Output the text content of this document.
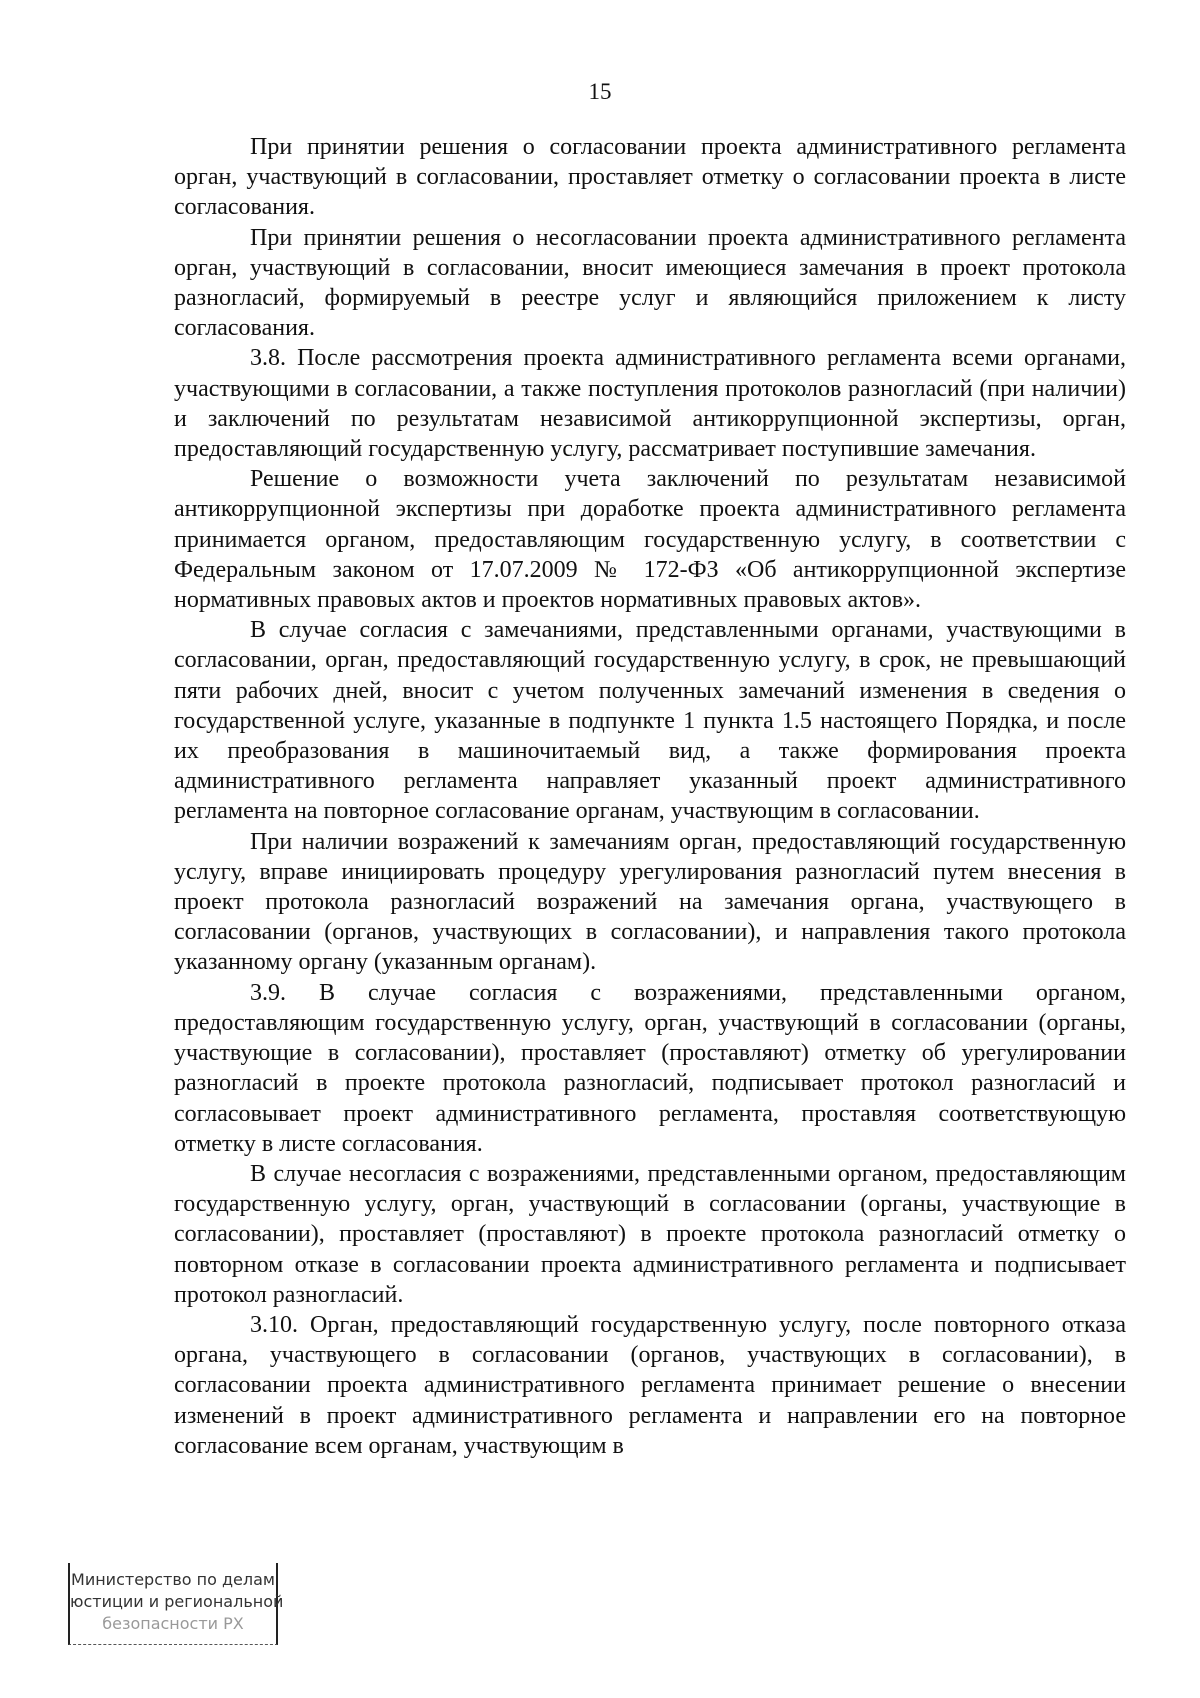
15

При принятии решения о согласовании проекта административного регламента орган, участвующий в согласовании, проставляет отметку о согласовании проекта в листе согласования.

При принятии решения о несогласовании проекта административного регламента орган, участвующий в согласовании, вносит имеющиеся замечания в проект протокола разногласий, формируемый в реестре услуг и являющийся приложением к листу согласования.

3.8. После рассмотрения проекта административного регламента всеми органами, участвующими в согласовании, а также поступления протоколов разногласий (при наличии) и заключений по результатам независимой антикоррупционной экспертизы, орган, предоставляющий государственную услугу, рассматривает поступившие замечания.

Решение о возможности учета заключений по результатам независимой антикоррупционной экспертизы при доработке проекта административного регламента принимается органом, предоставляющим государственную услугу, в соответствии с Федеральным законом от 17.07.2009 № 172-ФЗ «Об антикоррупционной экспертизе нормативных правовых актов и проектов нормативных правовых актов».

В случае согласия с замечаниями, представленными органами, участвующими в согласовании, орган, предоставляющий государственную услугу, в срок, не превышающий пяти рабочих дней, вносит с учетом полученных замечаний изменения в сведения о государственной услуге, указанные в подпункте 1 пункта 1.5 настоящего Порядка, и после их преобразования в машиночитаемый вид, а также формирования проекта административного регламента направляет указанный проект административного регламента на повторное согласование органам, участвующим в согласовании.

При наличии возражений к замечаниям орган, предоставляющий государственную услугу, вправе инициировать процедуру урегулирования разногласий путем внесения в проект протокола разногласий возражений на замечания органа, участвующего в согласовании (органов, участвующих в согласовании), и направления такого протокола указанному органу (указанным органам).

3.9. В случае согласия с возражениями, представленными органом, предоставляющим государственную услугу, орган, участвующий в согласовании (органы, участвующие в согласовании), проставляет (проставляют) отметку об урегулировании разногласий в проекте протокола разногласий, подписывает протокол разногласий и согласовывает проект административного регламента, проставляя соответствующую отметку в листе согласования.

В случае несогласия с возражениями, представленными органом, предоставляющим государственную услугу, орган, участвующий в согласовании (органы, участвующие в согласовании), проставляет (проставляют) в проекте протокола разногласий отметку о повторном отказе в согласовании проекта административного регламента и подписывает протокол разногласий.

3.10. Орган, предоставляющий государственную услугу, после повторного отказа органа, участвующего в согласовании (органов, участвующих в согласовании), в согласовании проекта административного регламента принимает решение о внесении изменений в проект административного регламента и направлении его на повторное согласование всем органам, участвующим в

Министерство по делам
юстиции и региональной
безопасности РХ
